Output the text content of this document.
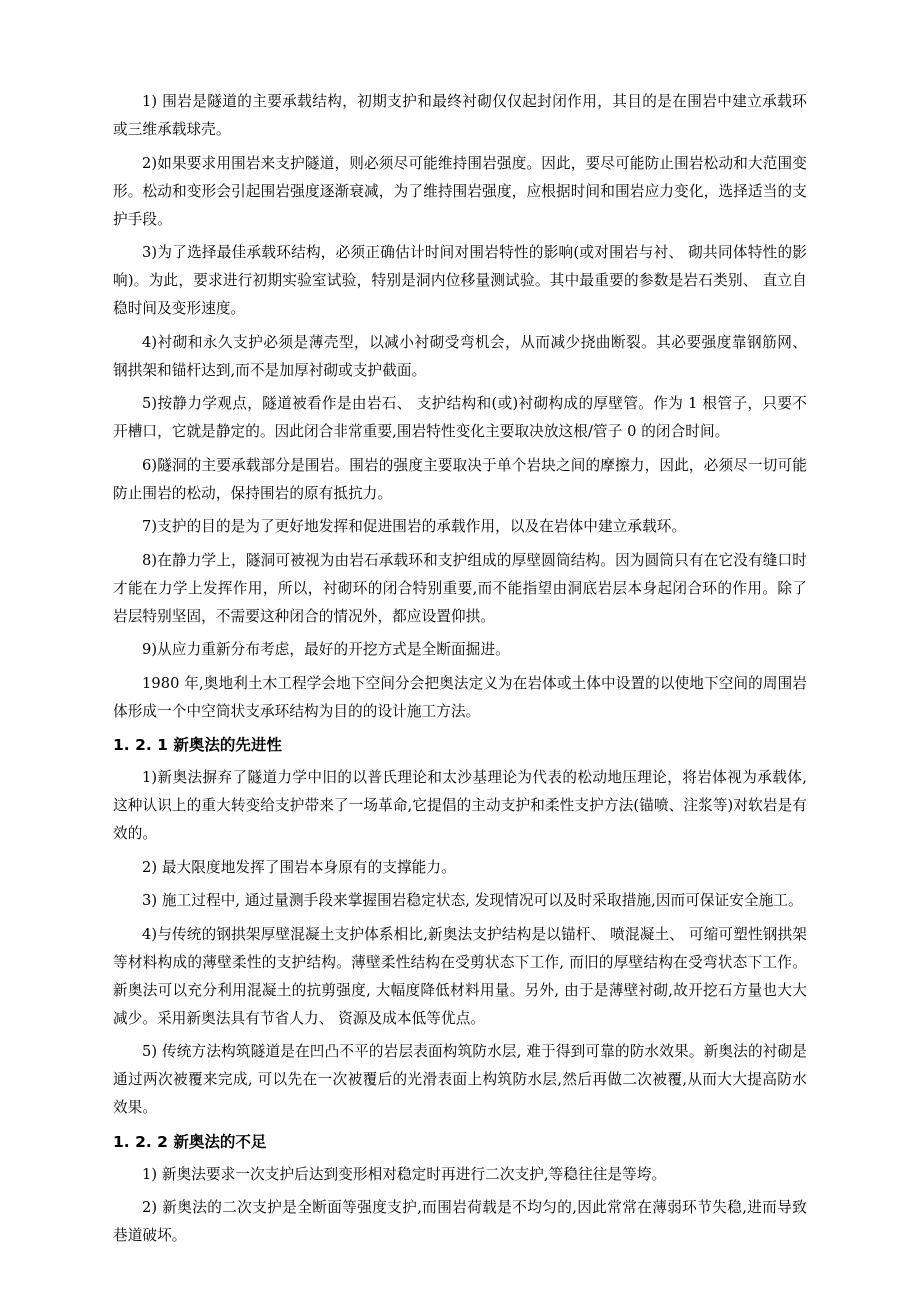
1) 围岩是隧道的主要承载结构，初期支护和最终衬砌仅仅起封闭作用，其目的是在围岩中建立承载环或三维承载球壳。

2)如果要求用围岩来支护隧道，则必须尽可能维持围岩强度。因此，要尽可能防止围岩松动和大范围变形。松动和变形会引起围岩强度逐渐衰减，为了维持围岩强度，应根据时间和围岩应力变化，选择适当的支护手段。

3)为了选择最佳承载环结构，必须正确估计时间对围岩特性的影响(或对围岩与衬、 砌共同体特性的影响)。为此，要求进行初期实验室试验，特别是洞内位移量测试验。其中最重要的参数是岩石类别、 直立自稳时间及变形速度。

4)衬砌和永久支护必须是薄壳型，以减小衬砌受弯机会，从而减少挠曲断裂。其必要强度靠钢筋网、 钢拱架和锚杆达到,而不是加厚衬砌或支护截面。

5)按静力学观点，隧道被看作是由岩石、 支护结构和(或)衬砌构成的厚壁管。作为 1 根管子，只要不开槽口，它就是静定的。因此闭合非常重要,围岩特性变化主要取决放这根/管子 0 的闭合时间。

6)隧洞的主要承载部分是围岩。围岩的强度主要取决于单个岩块之间的摩擦力，因此，必须尽一切可能防止围岩的松动，保持围岩的原有抵抗力。

7)支护的目的是为了更好地发挥和促进围岩的承载作用，以及在岩体中建立承载环。

8)在静力学上，隧洞可被视为由岩石承载环和支护组成的厚壁圆筒结构。因为圆筒只有在它没有缝口时才能在力学上发挥作用，所以，衬砌环的闭合特别重要,而不能指望由洞底岩层本身起闭合环的作用。除了岩层特别坚固，不需要这种闭合的情况外，都应设置仰拱。

9)从应力重新分布考虑，最好的开挖方式是全断面掘进。

1980 年,奥地利土木工程学会地下空间分会把奥法定义为在岩体或土体中设置的以使地下空间的周围岩体形成一个中空筒状支承环结构为目的的设计施工方法。

1. 2. 1 新奥法的先进性

1)新奥法摒弃了隧道力学中旧的以普氏理论和太沙基理论为代表的松动地压理论，将岩体视为承载体,这种认识上的重大转变给支护带来了一场革命,它提倡的主动支护和柔性支护方法(锚喷、注浆等)对软岩是有效的。

2) 最大限度地发挥了围岩本身原有的支撑能力。

3) 施工过程中, 通过量测手段来掌握围岩稳定状态, 发现情况可以及时采取措施,因而可保证安全施工。

4)与传统的钢拱架厚壁混凝土支护体系相比,新奥法支护结构是以锚杆、 喷混凝土、 可缩可塑性钢拱架等材料构成的薄壁柔性的支护结构。薄壁柔性结构在受剪状态下工作, 而旧的厚壁结构在受弯状态下工作。新奥法可以充分利用混凝土的抗剪强度, 大幅度降低材料用量。另外, 由于是薄壁衬砌,故开挖石方量也大大减少。采用新奥法具有节省人力、 资源及成本低等优点。

5) 传统方法构筑隧道是在凹凸不平的岩层表面构筑防水层, 难于得到可靠的防水效果。新奥法的衬砌是通过两次被覆来完成, 可以先在一次被覆后的光滑表面上构筑防水层,然后再做二次被覆,从而大大提高防水效果。

1. 2. 2 新奥法的不足

1) 新奥法要求一次支护后达到变形相对稳定时再进行二次支护,等稳往往是等垮。

2) 新奥法的二次支护是全断面等强度支护,而围岩荷载是不均匀的,因此常常在薄弱环节失稳,进而导致巷道破坏。
